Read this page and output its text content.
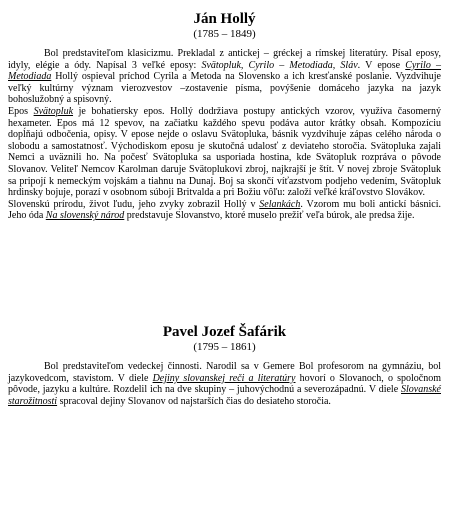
Ján Hollý

(1785 – 1849)

Bol predstaviteľom klasicizmu. Prekladal z antickej – gréckej a rímskej literatúry. Písal eposy, idyly, elégie a ódy. Napísal 3 veľké eposy: Svätopluk, Cyrilo – Metodiada, Sláv. V epose Cyrilo – Metodiada Hollý ospieval príchod Cyrila a Metoda na Slovensko a ich kresťanské poslanie. Vyzdvihuje veľký kultúrny význam vierozvestov –zostavenie písma, povýšenie domáceho jazyka na jazyk bohoslužobný a spisovný.

Epos Svätopluk je bohatiersky epos. Hollý dodržiava postupy antických vzorov, využíva časomerný hexameter. Epos má 12 spevov, na začiatku každého spevu podáva autor krátky obsah. Kompozíciu dopĺňajú odbočenia, opisy. V epose nejde o oslavu Svätopluka, básnik vyzdvihuje zápas celého národa o slobodu a samostatnosť. Východiskom eposu je skutočná udalosť z deviateho storočia. Svätopluka zajali Nemci a uväznili ho. Na počesť Svätopluka sa usporiada hostina, kde Svätopluk rozpráva o pôvode Slovanov. Veliteľ Nemcov Karolman daruje Svätoplukovi zbroj, najkrajší je štít. V novej zbroje Svätopluk sa pripojí k nemeckým vojskám a tiahnu na Dunaj. Boj sa skončí víťazstvom podjeho vedením, Svätopluk hrdinsky bojuje, porazí v osobnom súboji Britvalda a pri Božiu vôľu: založí veľké kráľovstvo Slovákov.

Slovenskú prírodu, život ľudu, jeho zvyky zobrazil Hollý v Selankách. Vzorom mu boli antickí básnici. Jeho óda Na slovenský národ predstavuje Slovanstvo, ktoré muselo prežiť veľa búrok, ale predsa žije.

Pavel Jozef Šafárik

(1795 – 1861)

Bol predstaviteľom vedeckej činnosti. Narodil sa v Gemere Bol profesorom na gymnáziu, bol jazykovedcom, stavistom. V diele Dejiny slovanskej reči a literatúry hovorí o Slovanoch, o spoločnom pôvode, jazyku a kultúre. Rozdelil ich na dve skupiny – juhovýchodnú a severozápadnú. V diele Slovanské starožitnosti spracoval dejiny Slovanov od najstarších čias do desiateho storočia.
